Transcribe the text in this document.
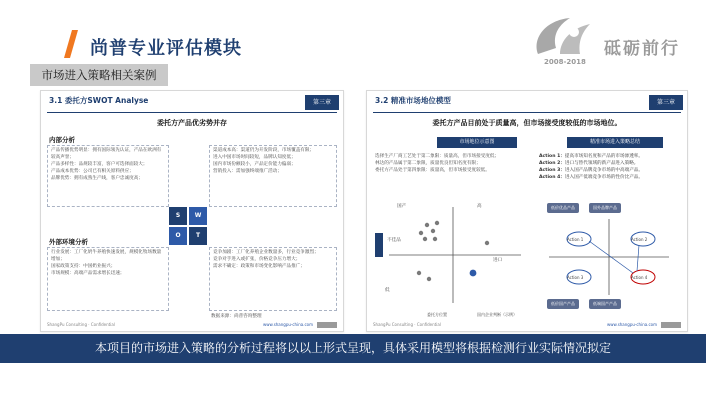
尚普专业评估模块	砥砺前行
2008-2018
市场进入策略相关案例
3.1 委托方SWOT Analyse	第三章
委托方产品优劣势并存
内部分析
产品传播优势明显：拥有国际领先认证，产品在欧洲有较高声誉；
产品多样性：品规较丰富，客户可选择面较大；
产品成本优势：公司已有相关原料供应；
品牌优势：拥有成熟生产线，客户忠诚度高；
渠道成本高：渠道仍为开发阶段，市场覆盖有限；
进入中国市场时间较短，品牌认知度低；
国内市场份额较小，产品定价能力偏弱；
营销投入：需加强终端推广活动；
S	W
O	T
外部环境分析
行业发展：工厂化奶牛养殖快速发展，规模化牧场数量增加；
国家政策支持：中国奶业振兴；
市场规模：高端产品需求增长迅速；
竞争加剧：工厂化养殖企业数量多，行业竞争激烈；
竞争对手进入或扩张，价格竞争压力增大；
需求不确定：政策和市场变化影响产品推广；
数据来源：尚普咨询整理
ShangPu Consulting · Confidential	www.shangpu-china.com
3.2 精准市场地位模型	第三章
委托方产品目前处于质量高，但市场接受度较低的市场地位。
市场地位示意图	精准市场进入策略总结
选择生产厂商工艺处于第二象限：质量高，但市场接受度低；
林达的产品属于第二象限，质量优良但知名度有限；
委托方产品处于第四象限：质量高，但市场接受度较低。
Action 1：提高市场知名度和产品的市场渗透率。
Action 2：进口与替代领域的新产品进入策略。
Action 3：进入国产品牌竞争市场的中高端产品。
Action 4：进入国产低端竞争市场的性价比产品。
国产	高
不佳品
低
进口
低价优品产品	国外品牌产品
低价国产产品	低端国产产品
Action 1	Action 2
Action 3	Action 4
委托方位置	国内企业判断（示例）
ShangPu Consulting · Confidential	www.shangpu-china.com
本项目的市场进入策略的分析过程将以以上形式呈现，具体采用模型将根据检测行业实际情况拟定
